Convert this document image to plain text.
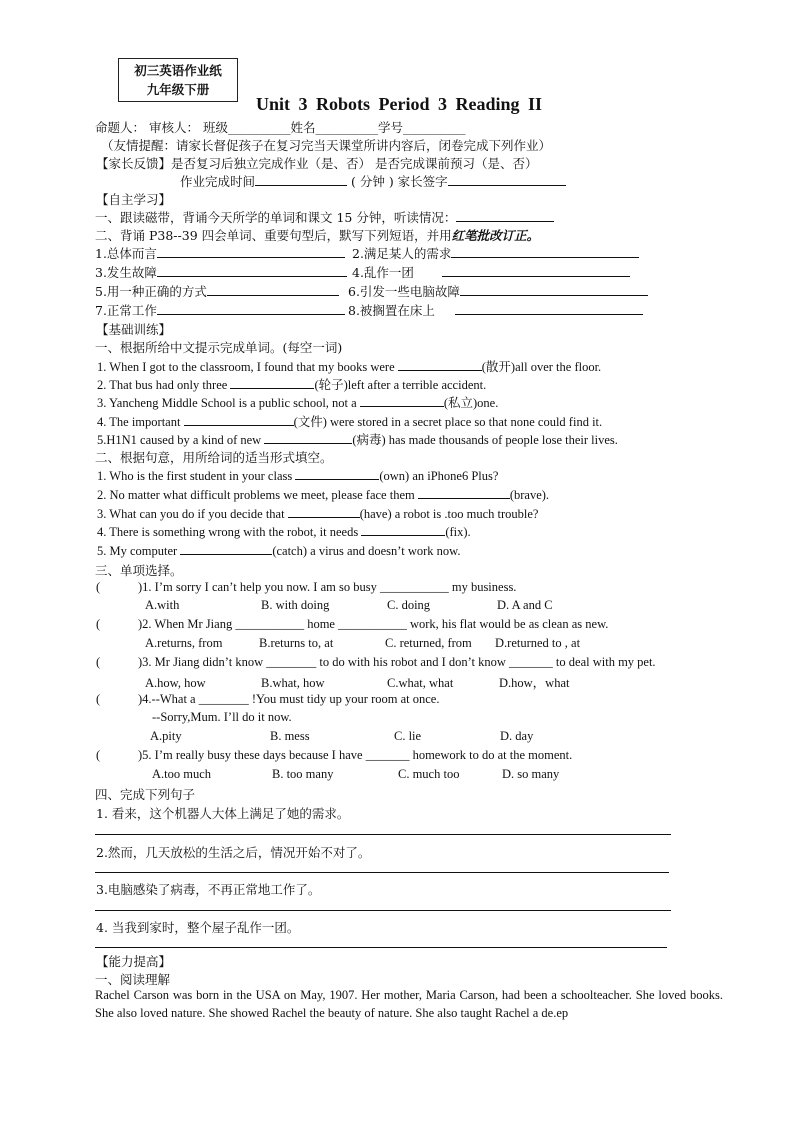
初三英语作业纸
九年级下册
Unit 3 Robots Period 3 Reading II
命题人： 审核人： 班级__________姓名__________学号__________
（友情提醒：请家长督促孩子在复习完当天课堂所讲内容后，闭卷完成下列作业）
【家长反馈】是否复习后独立完成作业（是、否） 是否完成课前预习（是、否）
作业完成时间	( 分钟 ) 家长签字
【自主学习】
一、跟读磁带，背诵今天所学的单词和课文 15 分钟，听读情况：
二、背诵 P38--39 四会单词、重要句型后，默写下列短语，并用红笔批改订正。
1.总体而言	2.满足某人的需求
3.发生故障	4.乱作一团
5.用一种正确的方式	6.引发一些电脑故障
7.正常工作	8.被搁置在床上
【基础训练】
一、根据所给中文提示完成单词。(每空一词)
1. When I got to the classroom, I found that my books were	(散开)all over the floor.
2. That bus had only three	(轮子)left after a terrible accident.
3. Yancheng Middle School is a public school, not a	(私立)one.
4. The important	(文件) were stored in a secret place so that none could find it.
5.H1N1 caused by a kind of new	(病毒) has made thousands of people lose their lives.
二、根据句意，用所给词的适当形式填空。
1. Who is the first student in your class	(own) an iPhone6 Plus?
2. No matter what difficult problems we meet, please face them	(brave).
3. What can you do if you decide that	(have) a robot is .too much trouble?
4. There is something wrong with the robot, it needs	(fix).
5. My computer	(catch) a virus and doesn’t work now.
三、单项选择。
(	)1. I’m sorry I can’t help you now. I am so busy ___________ my business.
A.with	B. with doing	C. doing	D. A and C
(	)2. When Mr Jiang ___________ home ___________ work, his flat would be as clean as new.
A.returns, from	B.returns to, at	C. returned, from D.returned to , at
(	)3. Mr Jiang didn’t know ________ to do with his robot and I don’t know _______ to deal with my pet.
A.how, how	B.what, how	C.what, what	D.how，what
(	)4.--What a ________ !You must tidy up your room at once.
--Sorry,Mum. I’ll do it now.
A.pity	B. mess	C. lie	D. day
(	)5. I’m really busy these days because I have _______ homework to do at the moment.
A.too much	B. too many	C. much too	D. so many
四、完成下列句子
1. 看来，这个机器人大体上满足了她的需求。
2.然而，几天放松的生活之后，情况开始不对了。
3.电脑感染了病毒，不再正常地工作了。
4. 当我到家时，整个屋子乱作一团。
【能力提高】
一、阅读理解
Rachel Carson was born in the USA on May, 1907. Her mother, Maria Carson, had been a schoolteacher. She loved books. She also loved nature. She showed Rachel the beauty of nature. She also taught Rachel a de.ep
